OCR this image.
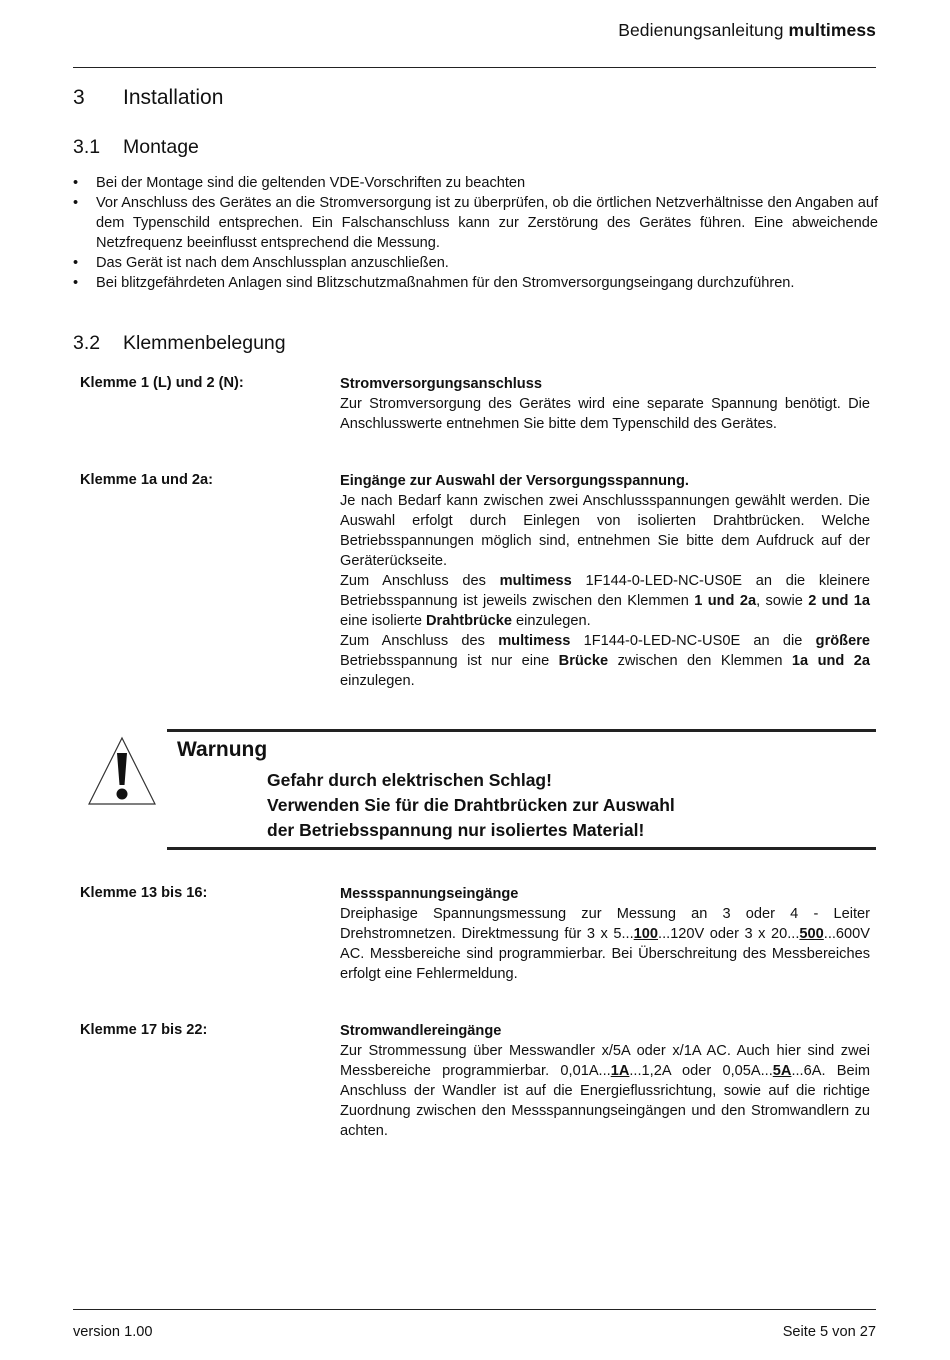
Bedienungsanleitung multimess
3 Installation
3.1 Montage
• Bei der Montage sind die geltenden VDE-Vorschriften zu beachten
• Vor Anschluss des Gerätes an die Stromversorgung ist zu überprüfen, ob die örtlichen Netzverhältnisse den Angaben auf dem Typenschild entsprechen. Ein Falschanschluss kann zur Zerstörung des Gerätes führen. Eine abweichende Netzfrequenz beeinflusst entsprechend die Messung.
• Das Gerät ist nach dem Anschlussplan anzuschließen.
• Bei blitzgefährdeten Anlagen sind Blitzschutzmaßnahmen für den Stromversorgungseingang durchzuführen.
3.2 Klemmenbelegung
Klemme 1 (L) und 2 (N):	Stromversorgungsanschluss

Zur Stromversorgung des Gerätes wird eine separate Spannung benötigt. Die Anschlusswerte entnehmen Sie bitte dem Typenschild des Gerätes.

Klemme 1a und 2a:	Eingänge zur Auswahl der Versorgungsspannung.

Je nach Bedarf kann zwischen zwei Anschlussspannungen gewählt werden. Die Auswahl erfolgt durch Einlegen von isolierten Drahtbrücken. Welche Betriebsspannungen möglich sind, entnehmen Sie bitte dem Aufdruck auf der Geräterückseite.

Zum Anschluss des multimess 1F144-0-LED-NC-US0E an die kleinere Betriebsspannung ist jeweils zwischen den Klemmen 1 und 2a, sowie 2 und 1a eine isolierte Drahtbrücke einzulegen.

Zum Anschluss des multimess 1F144-0-LED-NC-US0E an die größere Betriebsspannung ist nur eine Brücke zwischen den Klemmen 1a und 2a einzulegen.

Warnung
Gefahr durch elektrischen Schlag!
Verwenden Sie für die Drahtbrücken zur Auswahl
der Betriebsspannung nur isoliertes Material!
Klemme 13 bis 16:	Messspannungseingänge

Dreiphasige Spannungsmessung zur Messung an 3 oder 4 - Leiter Drehstromnetzen. Direktmessung für 3 x 5...100...120V oder 3 x 20...500...600V AC. Messbereiche sind programmierbar. Bei Überschreitung des Messbereiches erfolgt eine Fehlermeldung.

Klemme 17 bis 22:	Stromwandlereingänge

Zur Strommessung über Messwandler x/5A oder x/1A AC. Auch hier sind zwei Messbereiche programmierbar. 0,01A...1A...1,2A oder 0,05A...5A...6A. Beim Anschluss der Wandler ist auf die Energieflussrichtung, sowie auf die richtige Zuordnung zwischen den Messspannungseingängen und den Stromwandlern zu achten.

version 1.00	Seite 5 von 27
